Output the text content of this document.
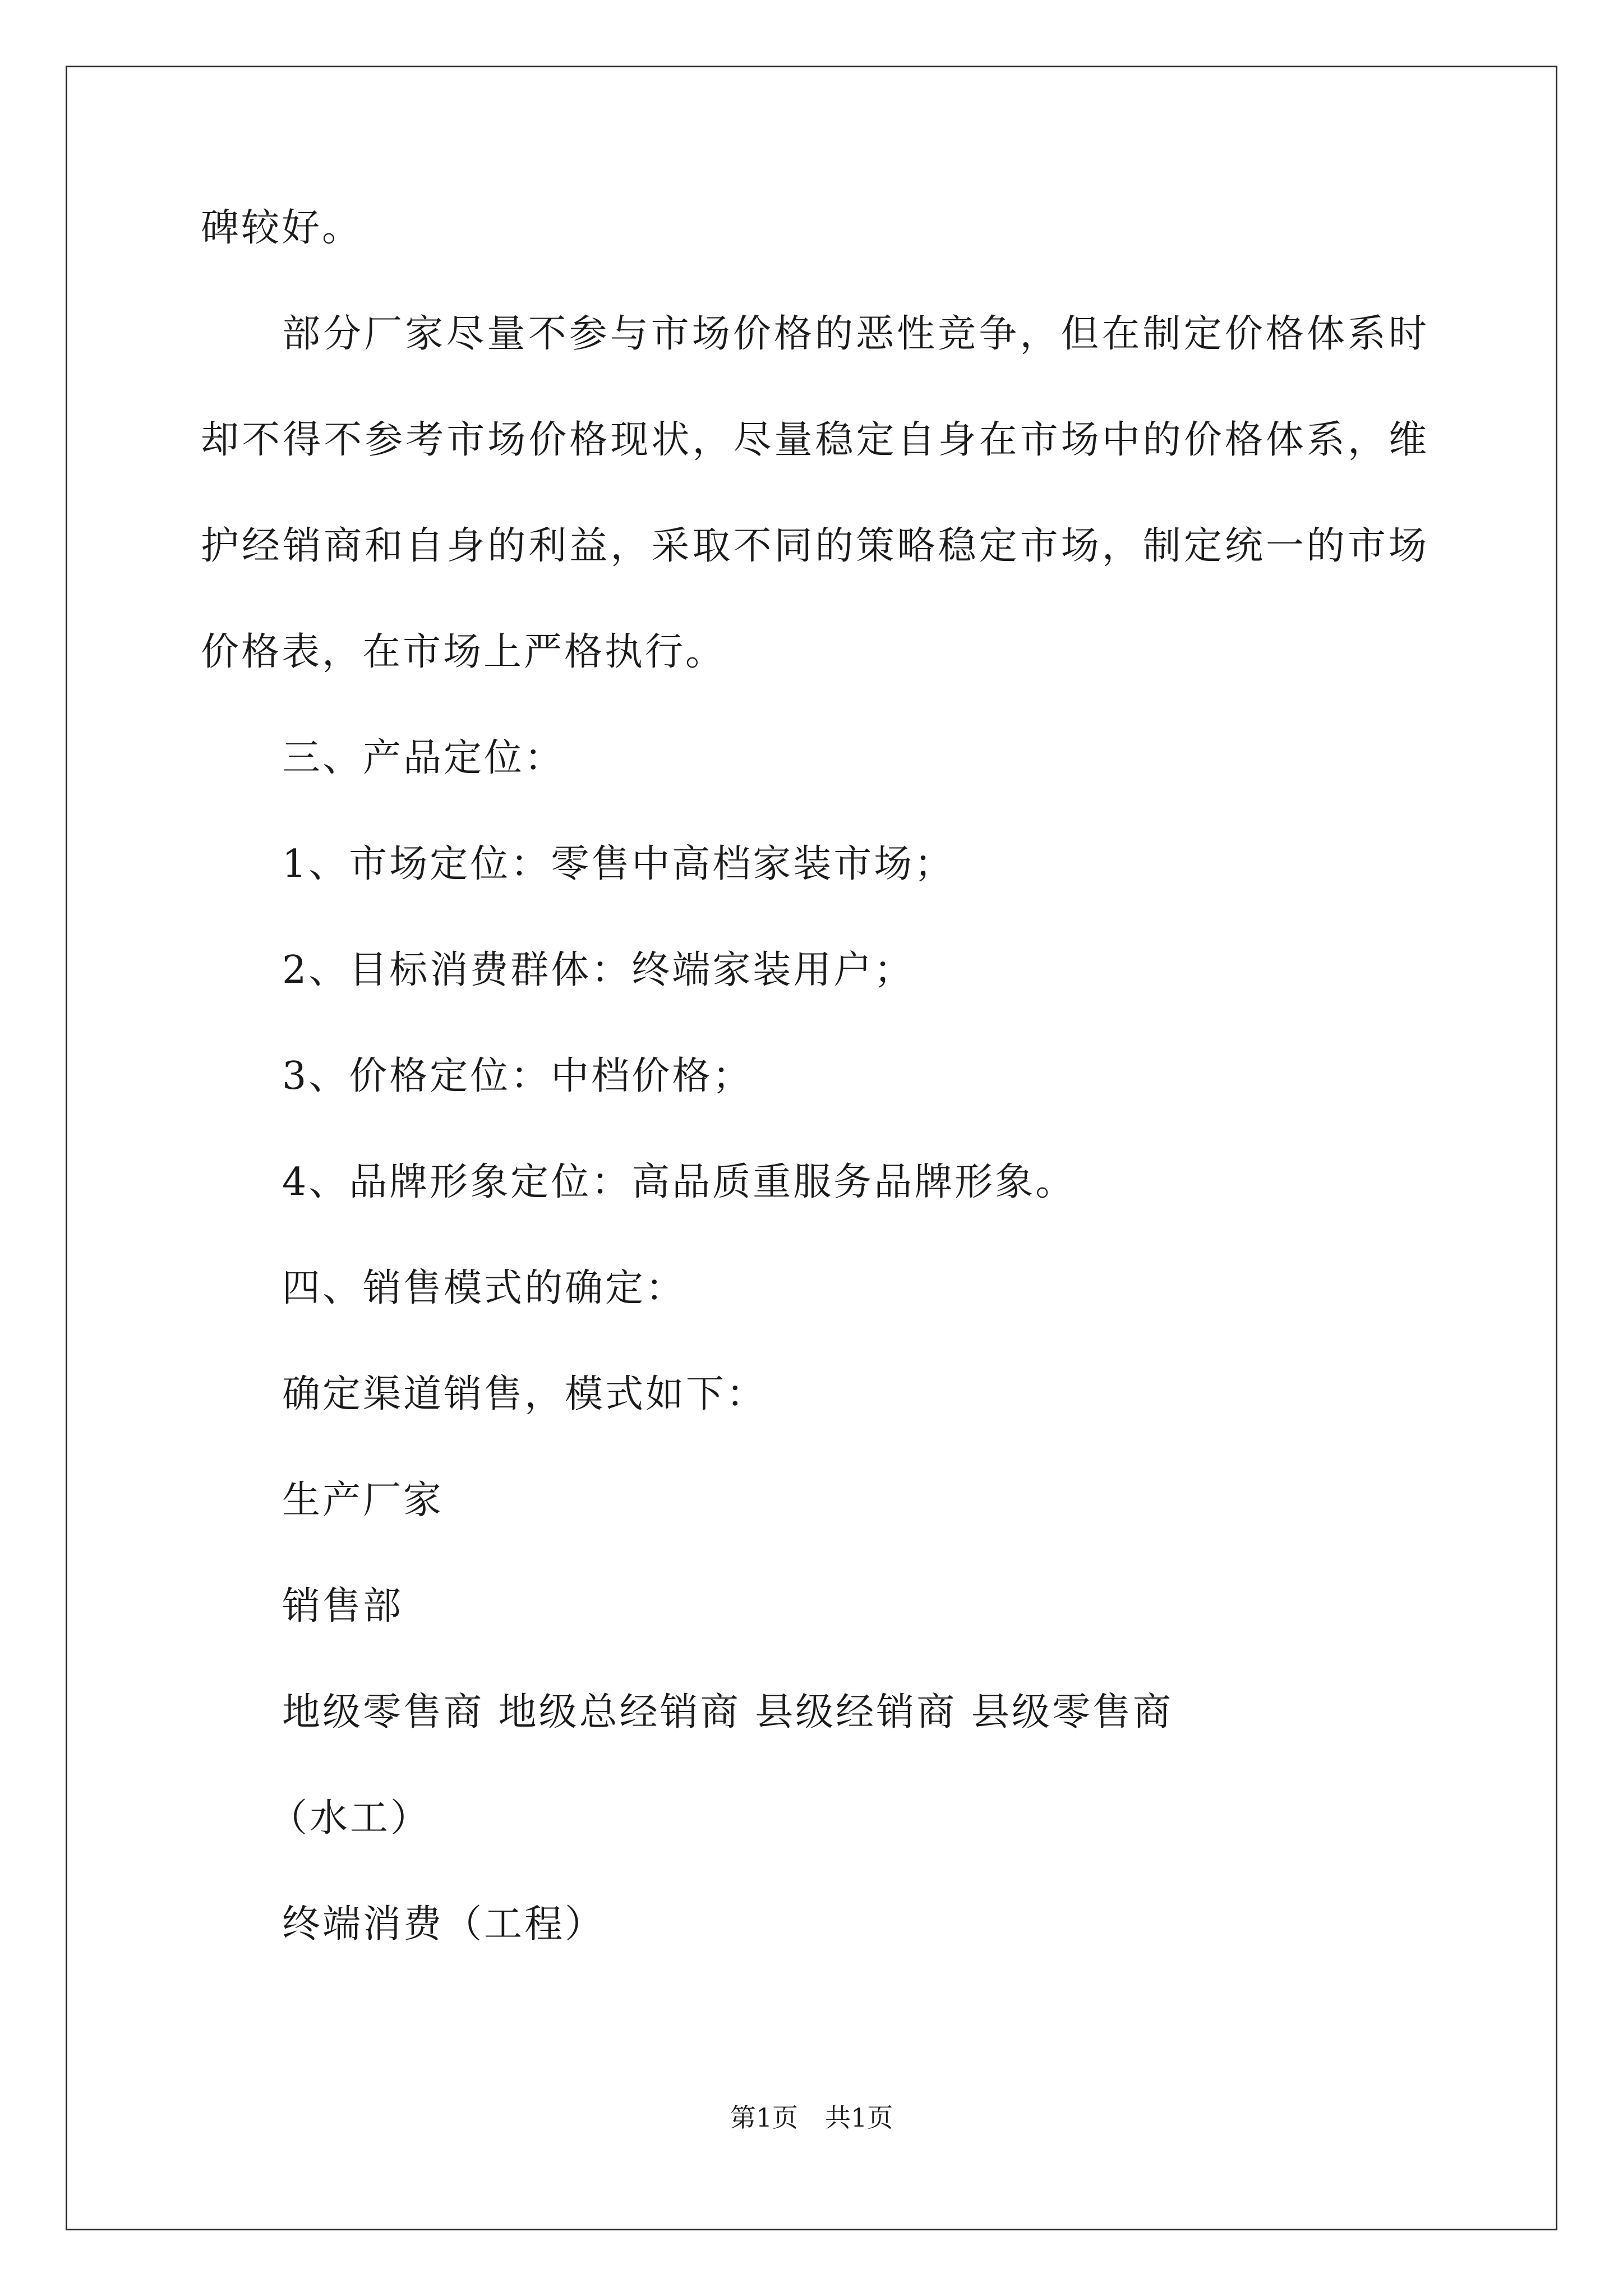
碑较好。
部分厂家尽量不参与市场价格的恶性竞争，但在制定价格体系时
却不得不参考市场价格现状，尽量稳定自身在市场中的价格体系，维
护经销商和自身的利益，采取不同的策略稳定市场，制定统一的市场
价格表，在市场上严格执行。
三、产品定位：
1、市场定位：零售中高档家装市场；
2、目标消费群体：终端家装用户；
3、价格定位：中档价格；
4、品牌形象定位：高品质重服务品牌形象。
四、销售模式的确定：
确定渠道销售，模式如下：
生产厂家
销售部
地级零售商 地级总经销商 县级经销商 县级零售商
（水工）
终端消费（工程）
第1页 共1页
